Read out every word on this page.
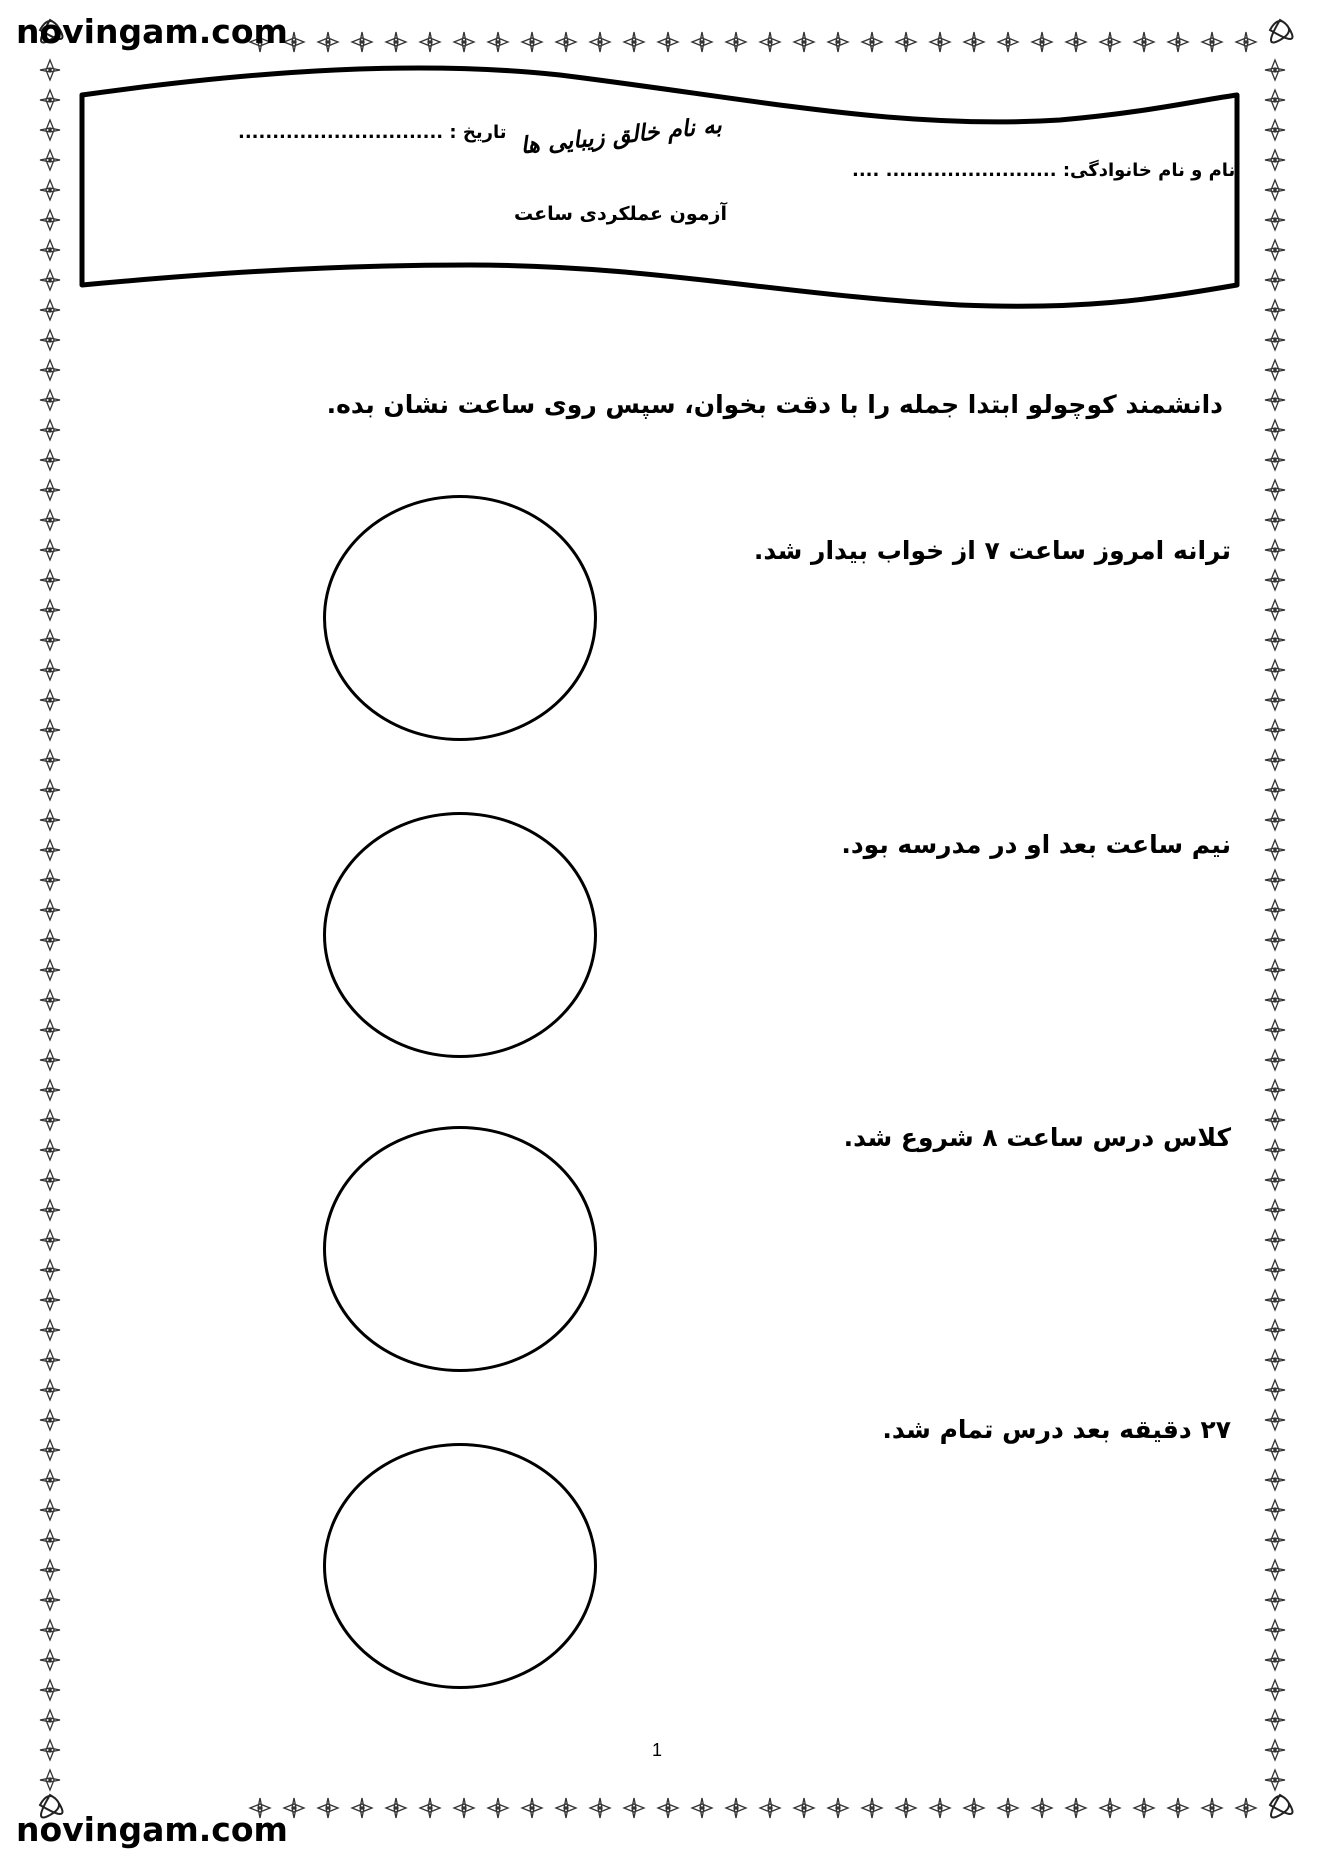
novingam.com
novingam.com
به نام خالق زیبایی ها
تاریخ : ..............................
نام و نام خانوادگی: ......................... ....
آزمون عملکردی ساعت
دانشمند کوچولو ابتدا جمله را با دقت بخوان، سپس روی ساعت نشان بده.
ترانه امروز ساعت ۷ از خواب بیدار شد.
نیم ساعت بعد او در مدرسه بود.
کلاس درس ساعت ۸ شروع شد.
۲۷ دقیقه بعد درس تمام شد.
1
